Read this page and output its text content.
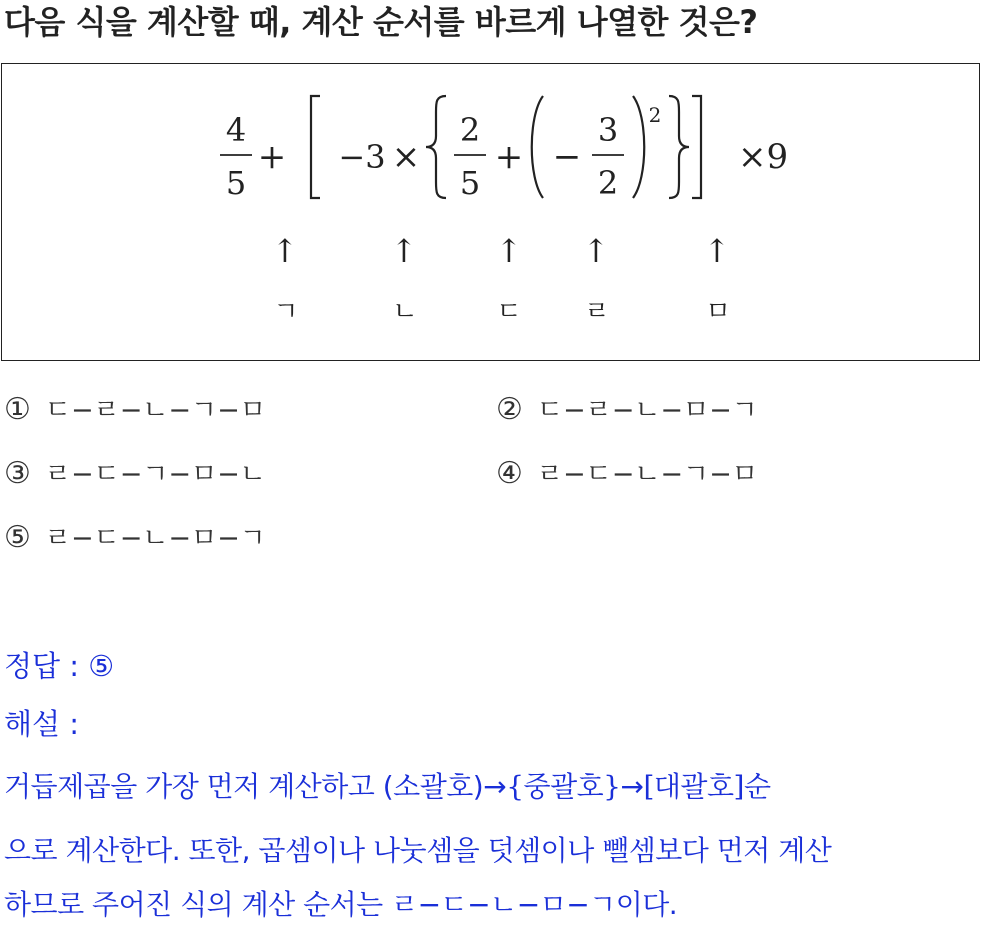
다음 식을 계산할 때, 계산 순서를 바르게 나열한 것은?
4
5
+ −3 ×
2
5
+ −
3
2
2
×9
↑	↑ ↑ ↑	↑
ㄱ	ㄴ	ㄷ ㄹ	ㅁ
① ㄷ−ㄹ−ㄴ−ㄱ−ㅁ	② ㄷ−ㄹ−ㄴ−ㅁ−ㄱ
③ ㄹ−ㄷ−ㄱ−ㅁ−ㄴ	④ ㄹ−ㄷ−ㄴ−ㄱ−ㅁ
⑤ ㄹ−ㄷ−ㄴ−ㅁ−ㄱ
정답 : ⑤
해설 :
거듭제곱을 가장 먼저 계산하고 (소괄호)→{중괄호}→[대괄호]순
으로 계산한다. 또한, 곱셈이나 나눗셈을 덧셈이나 뺄셈보다 먼저 계산
하므로 주어진 식의 계산 순서는 ㄹ−ㄷ−ㄴ−ㅁ−ㄱ이다.
